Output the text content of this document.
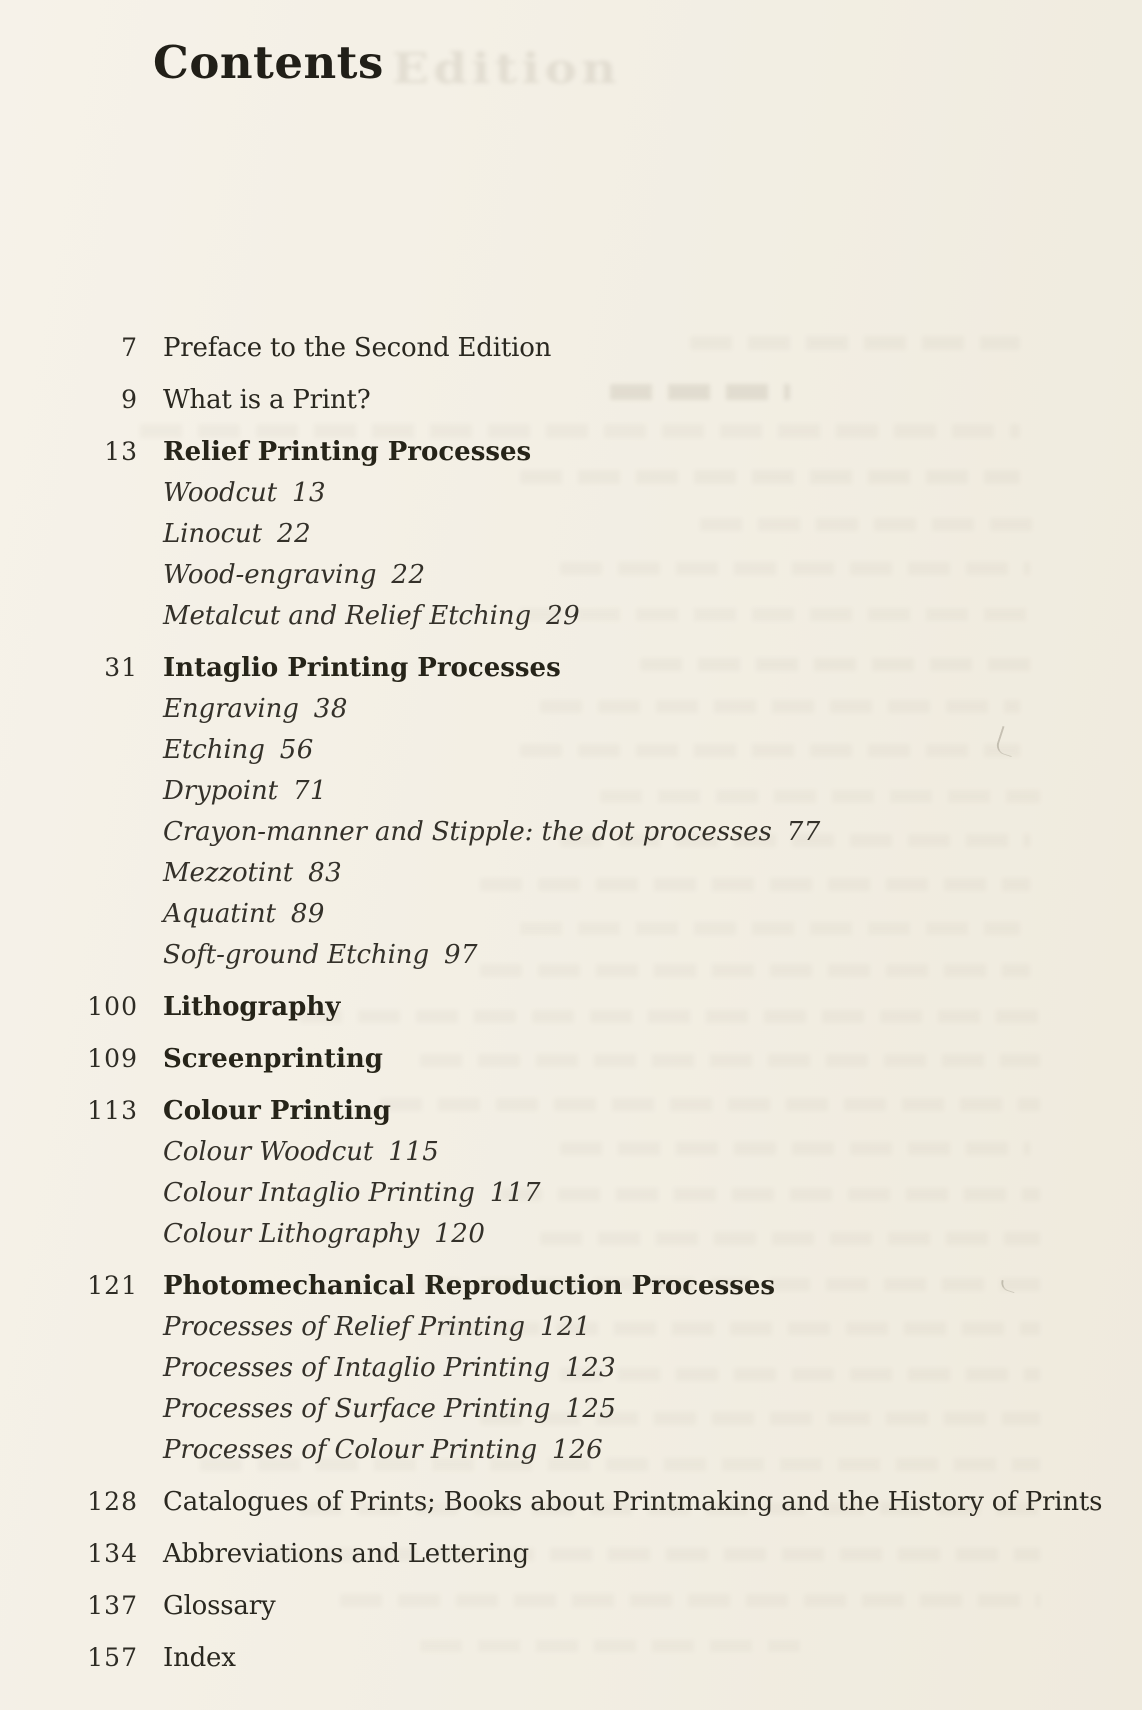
Contents Edition
7 Preface to the Second Edition
9 What is a Print?
13 Relief Printing Processes
Woodcut 13
Linocut 22
Wood-engraving 22
Metalcut and Relief Etching 29
31 Intaglio Printing Processes
Engraving 38
Etching 56
Drypoint 71
Crayon-manner and Stipple: the dot processes 77
Mezzotint 83
Aquatint 89
Soft-ground Etching 97
100 Lithography
109 Screenprinting
113 Colour Printing
Colour Woodcut 115
Colour Intaglio Printing 117
Colour Lithography 120
121 Photomechanical Reproduction Processes
Processes of Relief Printing 121
Processes of Intaglio Printing 123
Processes of Surface Printing 125
Processes of Colour Printing 126
128 Catalogues of Prints; Books about Printmaking and the History of Prints
134 Abbreviations and Lettering
137 Glossary
157 Index
